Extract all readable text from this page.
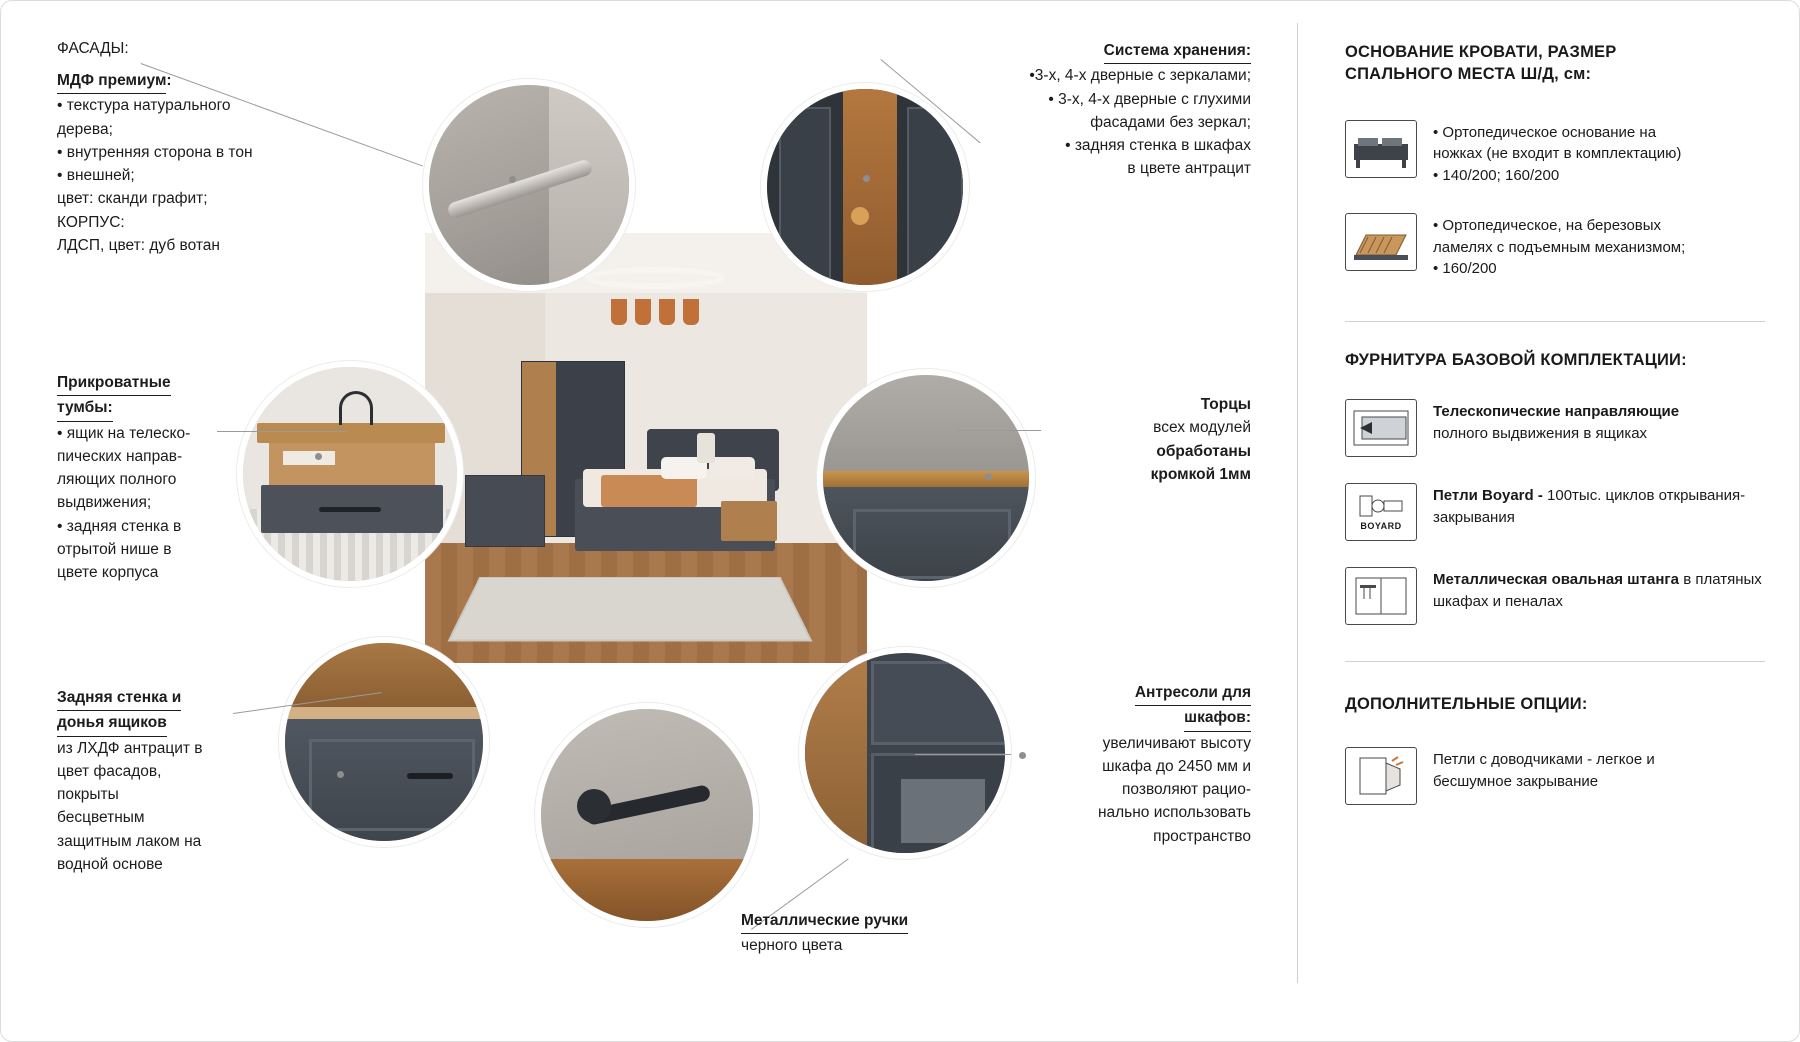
ФАСАДЫ:
МДФ премиум:
• текстура натурального
дерева;
• внутренняя сторона в тон
• внешней;
цвет: сканди графит;
КОРПУС:
ЛДСП, цвет: дуб вотан
Прикроватные
тумбы:
• ящик на телеско-
пических направ-
ляющих полного
выдвижения;
• задняя стенка в
отрытой нише в
цвете корпуса
Задняя стенка и
донья ящиков
из ЛХДФ антрацит в
цвет фасадов,
покрыты
бесцветным
защитным лаком на
водной основе
Металлические ручки
черного цвета
Система хранения:
•3-х, 4-х дверные с зеркалами;
• 3-х, 4-х дверные с глухими
фасадами без зеркал;
• задняя стенка в шкафах
в цвете антрацит
Торцы
всех модулей
обработаны
кромкой 1мм
Антресоли для
шкафов:
увеличивают высоту
шкафа до 2450 мм и
позволяют рацио-
нально использовать
пространство
ОСНОВАНИЕ КРОВАТИ, РАЗМЕР
СПАЛЬНОГО МЕСТА Ш/Д, см:
• Ортопедическое основание на
ножках (не входит в комплектацию)
• 140/200; 160/200
• Ортопедическое, на березовых
ламелях с подъемным механизмом;
• 160/200
ФУРНИТУРА БАЗОВОЙ КОМПЛЕКТАЦИИ:
Телескопические направляющие
полного выдвижения в ящиках
BOYARD
Петли Boyard - 100тыс. циклов открывания-закрывания
Металлическая овальная штанга в платяных шкафах и пеналах
ДОПОЛНИТЕЛЬНЫЕ ОПЦИИ:
Петли с доводчиками - легкое и
бесшумное закрывание
